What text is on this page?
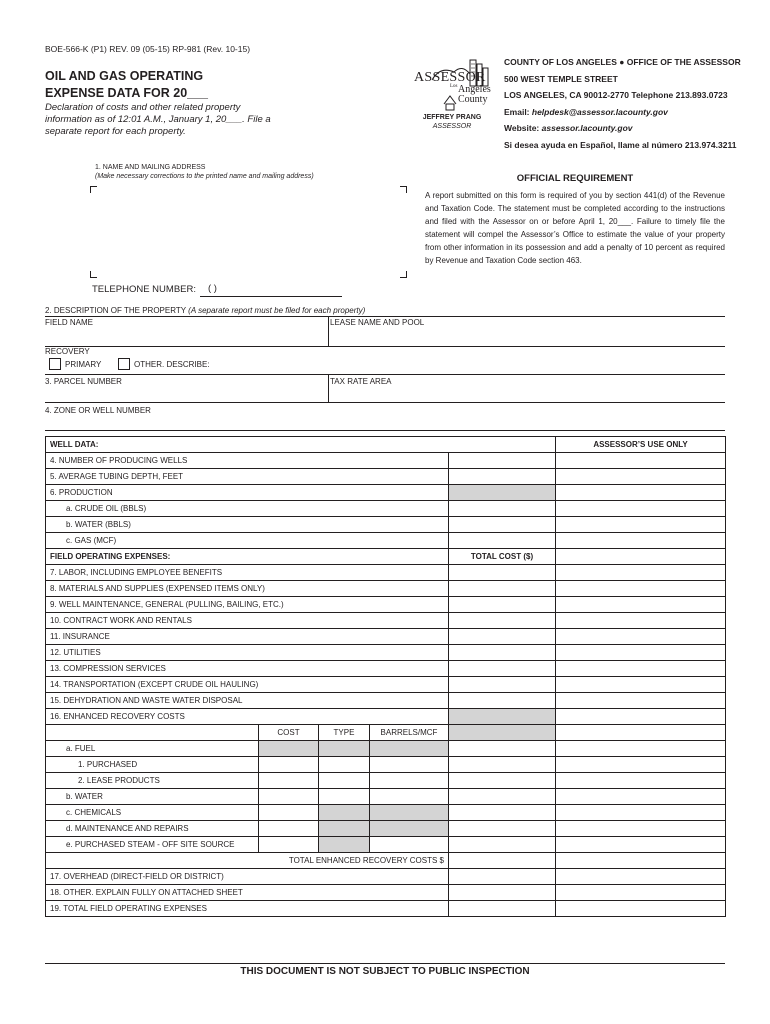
BOE-566-K (P1) REV. 09 (05-15) RP-981 (Rev. 10-15)
OIL AND GAS OPERATING
EXPENSE DATA FOR 20___
Declaration of costs and other related property information as of 12:01 A.M., January 1, 20___. File a separate report for each property.
ASSESSOR
Los Angeles
County
JEFFREY PRANG
ASSESSOR
COUNTY OF LOS ANGELES ● OFFICE OF THE ASSESSOR
500 WEST TEMPLE STREET
LOS ANGELES, CA 90012-2770 Telephone 213.893.0723
Email: helpdesk@assessor.lacounty.gov
Website: assessor.lacounty.gov
Si desea ayuda en Español, llame al número 213.974.3211
1. NAME AND MAILING ADDRESS
(Make necessary corrections to the printed name and mailing address)
TELEPHONE NUMBER: ( )
OFFICIAL REQUIREMENT
A report submitted on this form is required of you by section 441(d) of the Revenue and Taxation Code. The statement must be completed according to the instructions and filed with the Assessor on or before April 1, 20___. Failure to timely file the statement will compel the Assessor’s Office to estimate the value of your property from other information in its possession and add a penalty of 10 percent as required by Revenue and Taxation Code section 463.
2. DESCRIPTION OF THE PROPERTY (A separate report must be filed for each property)
FIELD NAME	LEASE NAME AND POOL
RECOVERY
PRIMARY	OTHER. DESCRIBE:
3. PARCEL NUMBER	TAX RATE AREA
4. ZONE OR WELL NUMBER
WELL DATA:					ASSESSOR’S USE ONLY
4. NUMBER OF PRODUCING WELLS					
5. AVERAGE TUBING DEPTH, FEET					
6. PRODUCTION					
a. CRUDE OIL (BBLS)					
b. WATER (BBLS)					
c. GAS (MCF)					
FIELD OPERATING EXPENSES:				TOTAL COST ($)	
7. LABOR, INCLUDING EMPLOYEE BENEFITS					
8. MATERIALS AND SUPPLIES (EXPENSED ITEMS ONLY)					
9. WELL MAINTENANCE, GENERAL (PULLING, BAILING, ETC.)					
10. CONTRACT WORK AND RENTALS					
11. INSURANCE					
12. UTILITIES					
13. COMPRESSION SERVICES					
14. TRANSPORTATION (EXCEPT CRUDE OIL HAULING)					
15. DEHYDRATION AND WASTE WATER DISPOSAL					
16. ENHANCED RECOVERY COSTS					
	COST	TYPE	BARRELS/MCF		
a. FUEL					
1. PURCHASED					
2. LEASE PRODUCTS					
b. WATER					
c. CHEMICALS					
d. MAINTENANCE AND REPAIRS					
e. PURCHASED STEAM - OFF SITE SOURCE					
TOTAL ENHANCED RECOVERY COSTS $					
17. OVERHEAD (DIRECT-FIELD OR DISTRICT)					
18. OTHER. EXPLAIN FULLY ON ATTACHED SHEET					
19. TOTAL FIELD OPERATING EXPENSES					
THIS DOCUMENT IS NOT SUBJECT TO PUBLIC INSPECTION
